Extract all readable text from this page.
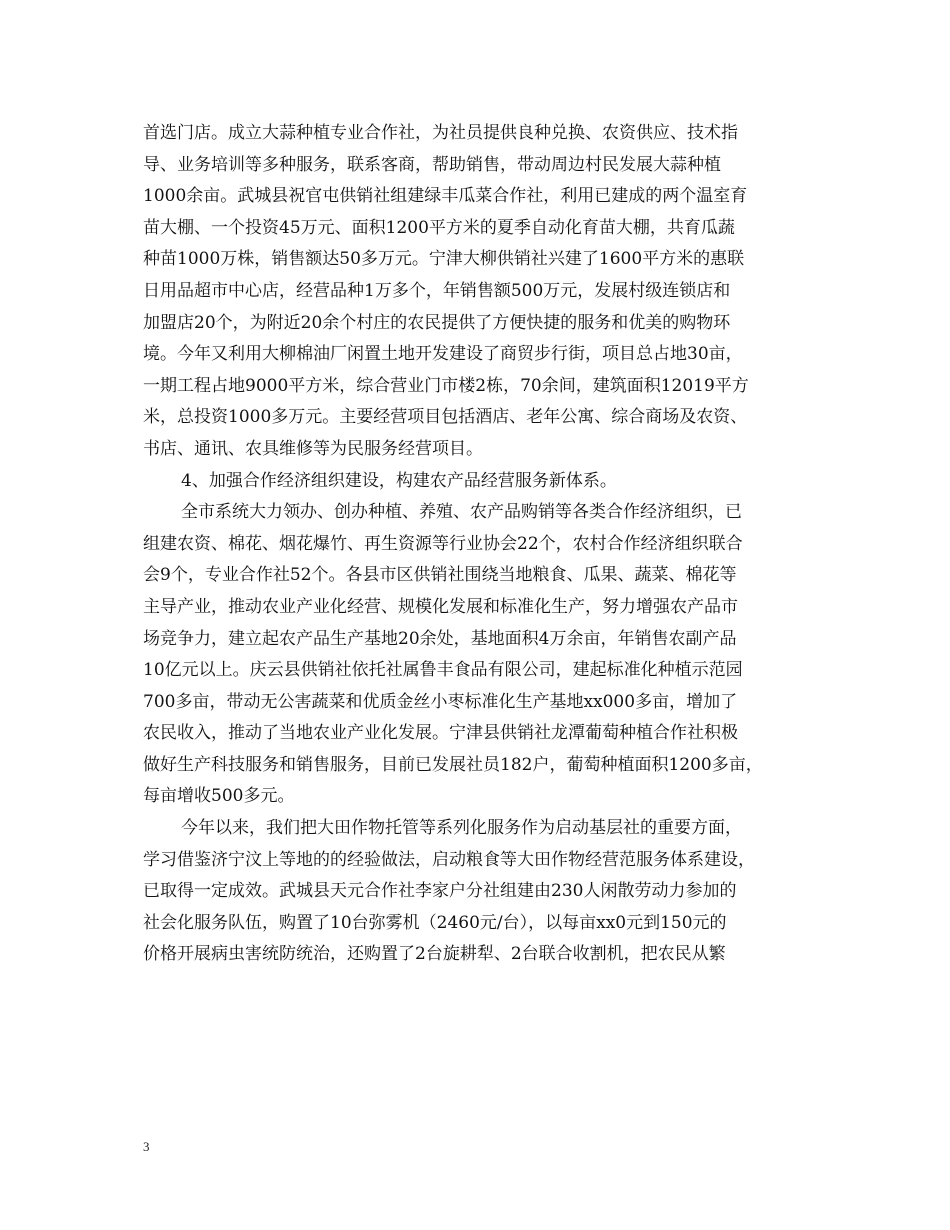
首选门店。成立大蒜种植专业合作社，为社员提供良种兑换、农资供应、技术指
导、业务培训等多种服务，联系客商，帮助销售，带动周边村民发展大蒜种植
1000余亩。武城县祝官屯供销社组建绿丰瓜菜合作社，利用已建成的两个温室育
苗大棚、一个投资45万元、面积1200平方米的夏季自动化育苗大棚，共育瓜蔬
种苗1000万株，销售额达50多万元。宁津大柳供销社兴建了1600平方米的惠联
日用品超市中心店，经营品种1万多个，年销售额500万元，发展村级连锁店和
加盟店20个，为附近20余个村庄的农民提供了方便快捷的服务和优美的购物环
境。今年又利用大柳棉油厂闲置土地开发建设了商贸步行街，项目总占地30亩，
一期工程占地9000平方米，综合营业门市楼2栋，70余间，建筑面积12019平方
米，总投资1000多万元。主要经营项目包括酒店、老年公寓、综合商场及农资、
书店、通讯、农具维修等为民服务经营项目。
4、加强合作经济组织建设，构建农产品经营服务新体系。
全市系统大力领办、创办种植、养殖、农产品购销等各类合作经济组织，已
组建农资、棉花、烟花爆竹、再生资源等行业协会22个，农村合作经济组织联合
会9个，专业合作社52个。各县市区供销社围绕当地粮食、瓜果、蔬菜、棉花等
主导产业，推动农业产业化经营、规模化发展和标准化生产，努力增强农产品市
场竞争力，建立起农产品生产基地20余处，基地面积4万余亩，年销售农副产品
10亿元以上。庆云县供销社依托社属鲁丰食品有限公司，建起标准化种植示范园
700多亩，带动无公害蔬菜和优质金丝小枣标准化生产基地xx000多亩，增加了
农民收入，推动了当地农业产业化发展。宁津县供销社龙潭葡萄种植合作社积极
做好生产科技服务和销售服务，目前已发展社员182户，葡萄种植面积1200多亩，
每亩增收500多元。
今年以来，我们把大田作物托管等系列化服务作为启动基层社的重要方面，
学习借鉴济宁汶上等地的的经验做法，启动粮食等大田作物经营范服务体系建设，
已取得一定成效。武城县天元合作社李家户分社组建由230人闲散劳动力参加的
社会化服务队伍，购置了10台弥雾机（2460元/台），以每亩xx0元到150元的
价格开展病虫害统防统治，还购置了2台旋耕犁、2台联合收割机，把农民从繁
3
